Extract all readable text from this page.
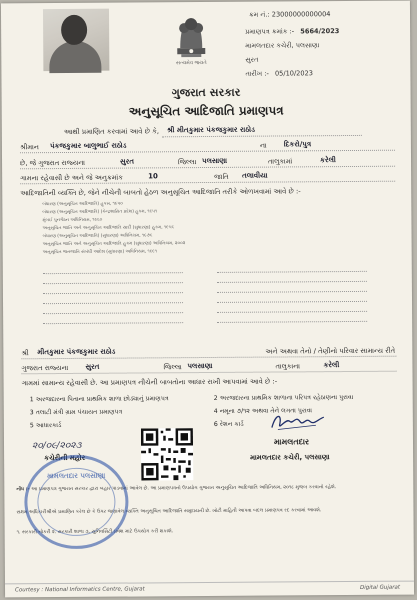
સત્યમેવ જયતે
ક્રમ નં.: 23000000000004
પ્રમાણપત્ર ક્રમાંક :- 5664/2023
મામલતદાર કચેરી, પલસાણા
સુરત
તારીખ :- 05/10/2023
ગુજરાત સરકાર
અનુસૂચિત આદિજાતિ પ્રમાણપત્ર
આથી પ્રમાણિત કરવામાં આવે છે કે, શ્રી મીતકુમાર પંકજકુમાર રાઠોડ
શ્રીમાન પંકજકુમાર બાલુભાઈ રાઠોડ	ના દિકરો/પુત્ર
છે, જે ગુજરાત રાજ્યના	સુરત	જિલ્લા પલસાણા	તાલુકામાં	કરેલી
ગામના રહેવાસી છે અને જે અનુક્રમાંક	10	જાતિ તલાવીયા
આદિજાતિની વ્યક્તિ છે, જેને નીચેની બાબતો હેઠળ અનુસૂચિત આદિજાતિ તરીકે ઓળખવામાં આવે છે :-
બંધારણ (અનુસૂચિત આદિજાતિ) હુકમ, ૧૯૫૦
બંધારણ (અનુસૂચિત આદિજાતિ) (કેન્દ્રશાસિત પ્રદેશ) હુકમ, ૧૯૫૧
મુંબઈ પુનર્ગઠન અધિનિયમ, ૧૯૬૦
અનુસૂચિત જાતિ અને અનુસૂચિત આદિજાતિ યાદી (સુધારણા) હુકમ, ૧૯૫૬
બંધારણ (અનુસૂચિત આદિજાતિ) (સુધારણા) અધિનિયમ, ૧૯૭૬
અનુસૂચિત જાતિ અને અનુસૂચિત આદિજાતિ હુકમ (સુધારણા) અધિનિયમ, ૨૦૦૨
અનુસૂચિત જનજાતિ સંબંધી આદેશ (સુધારણા) અધિનિયમ, ૧૯૯૧
શ્રી મીતકુમાર પંકજકુમાર રાઠોડ	અને અથવા તેનો / તેણીનો પરિવાર સામાન્ય રીતે
ગુજરાત રાજ્યના સુરત	જિલ્લા પલસાણા	તાલુકાના	કરેલી
ગામમાં સામાન્ય રહેવાસી છે. આ પ્રમાણપત્ર નીચેની બાબતોના આધાર રાખી આપવામાં આવે છે :-
1 અરજદારના પિતાના પ્રાથમિક શાળા છોડ્યાનું પ્રમાણપત્ર	2 અરજદારના પ્રાથમિક શાળાના પરિપત્ર રહેઠાણના પુરાવા
3 તલાટી મંત્રી ગ્રામ પંચાયત પ્રમાણપત્ર	4 નમૂના ૭/૧૨ અથવા તેને લગતા પુરાવા
5 આધારકાર્ડ	6 રેશન કાર્ડ
૨૦/૦૯/૨૦૨૩
કચેરીની મહોર
મામલતદાર
મામલતદાર કચેરી, પલસાણા
નોંધ :- આ પ્રમાણપત્ર ગુજરાત સરકાર દ્વારા બહાર પાડવામાં આવેલ છે. આ પ્રમાણપત્રનો ઉપયોગ ગુજરાત અનુસૂચિત આદિજાતિ અધિનિયમ, ૨૦૧૮ મુજબ કરવાનો રહેશે.
સક્ષમ અધિકારીશ્રીએ પ્રમાણિત કરેલ છે કે ઉપર જણાવેલ વ્યક્તિ અનુસૂચિત આદિજાતિ સમુદાયની છે. ખોટી માહિતી આપવા બદલ પ્રમાણપત્ર રદ કરવામાં આવશે.
૧. સરકારી નોકરી ૨. સરકારી શાળા ૩. યુનિવર્સિટી પ્રવેશ માટે ઉપયોગ કરી શકાશે.
મામલતદાર પલસાણા
Courtesy : National Informatics Centre, Gujarat	Digital Gujarat
